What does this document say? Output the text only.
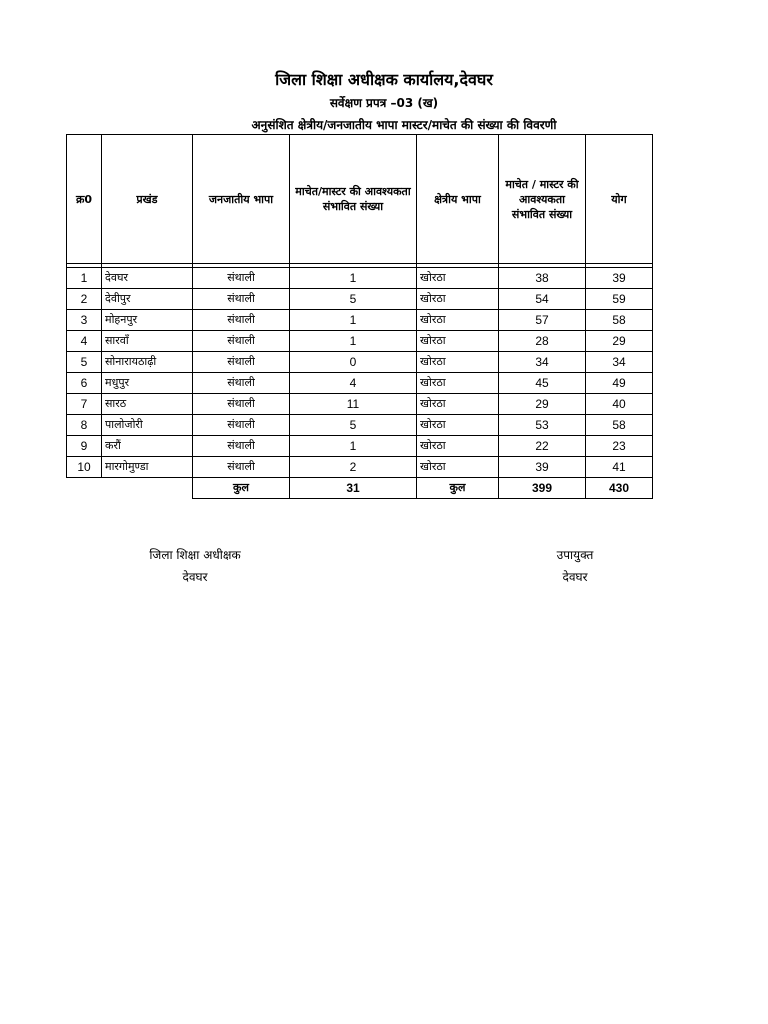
जिला शिक्षा अधीक्षक कार्यालय,देवघर
सर्वेक्षण प्रपत्र –03 (ख)
अनुसंशित क्षेत्रीय/जनजातीय भापा मास्टर/माचेत की संख्या की विवरणी
क्र0	प्रखंड	जनजातीय भापा	माचेत/मास्टर की आवश्यकता संभावित संख्या	क्षेत्रीय भापा	माचेत / मास्टर की आवश्यकता संभावित संख्या	योग

1	देवघर	संथाली	1	खोरठा	38	39
2	देवीपुर	संथाली	5	खोरठा	54	59
3	मोहनपुर	संथाली	1	खोरठा	57	58
4	सारवाँ	संथाली	1	खोरठा	28	29
5	सोनारायठाढ़ी	संथाली	0	खोरठा	34	34
6	मधुपुर	संथाली	4	खोरठा	45	49
7	सारठ	संथाली	11	खोरठा	29	40
8	पालोजोरी	संथाली	5	खोरठा	53	58
9	करौं	संथाली	1	खोरठा	22	23
10	मारगोमुण्डा	संथाली	2	खोरठा	39	41
		कुल	31	कुल	399	430
जिला शिक्षा अधीक्षक
देवघर
उपायुक्त
देवघर
